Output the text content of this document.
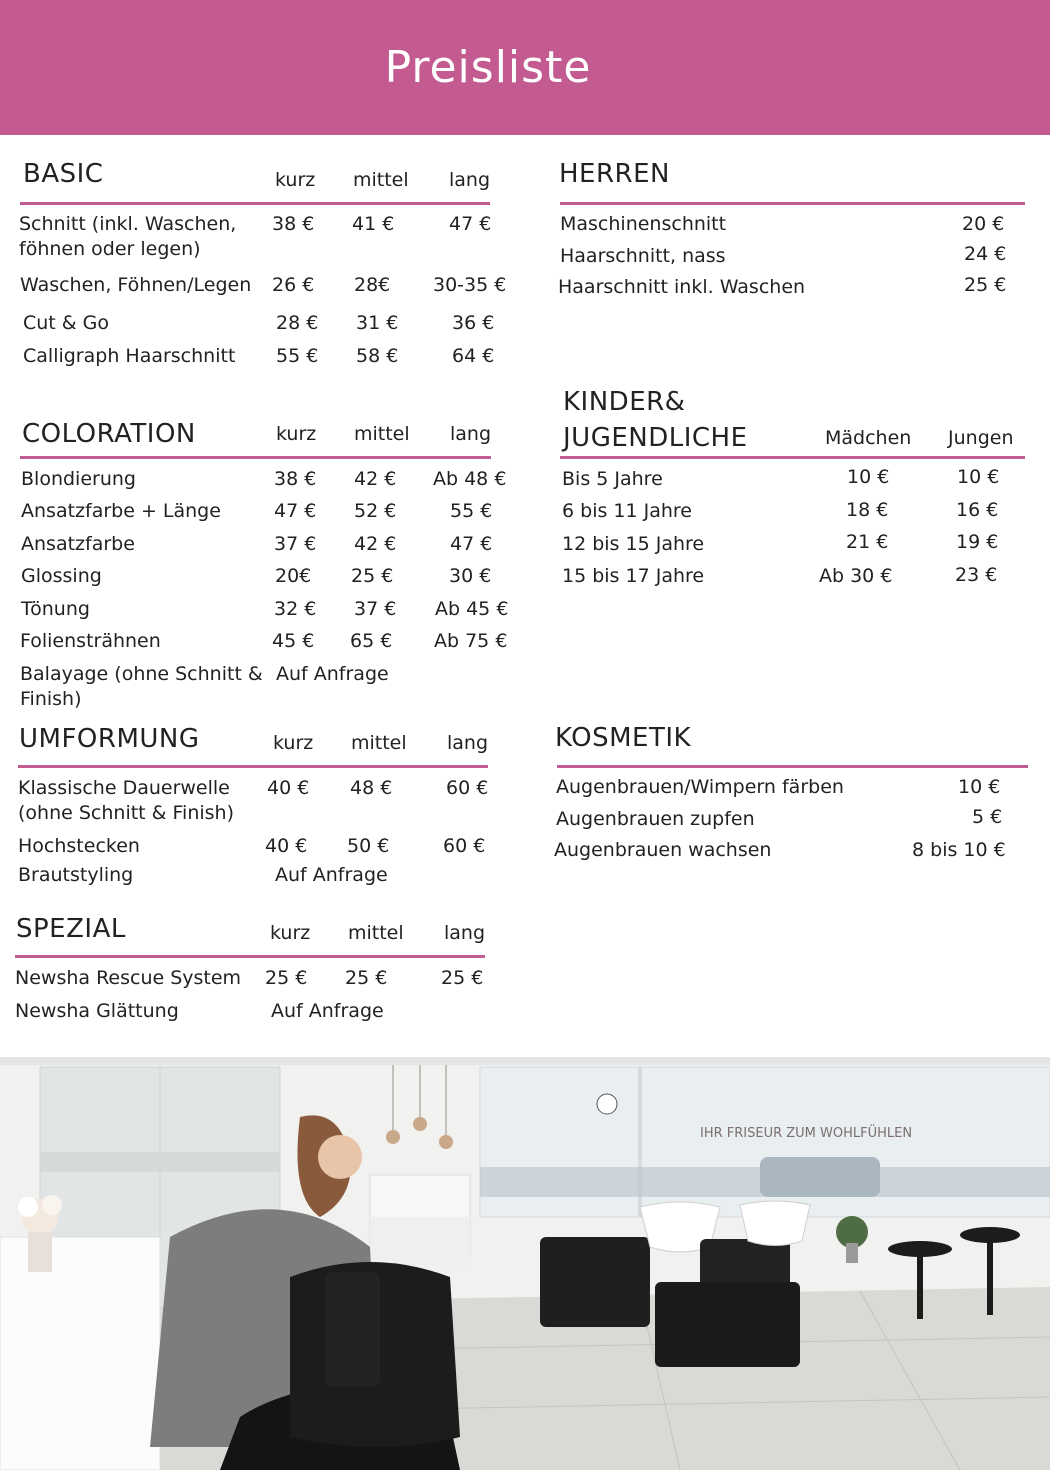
Preisliste
BASIC	kurz mittel lang
Schnitt (inkl. Waschen,
föhnen oder legen)
38 € 41 €	47 €
Waschen, Föhnen/Legen 26 € 28€ 30-35 €
Cut & Go	28 € 31 €	36 €
Calligraph Haarschnitt 55 € 58 €	64 €
COLORATION	kurz mittel lang
Blondierung	38 € 42 € Ab 48 €
Ansatzfarbe + Länge	47 € 52 €	55 €
Ansatzfarbe	37 € 42 €	47 €
Glossing	20€ 25 €	30 €
Tönung	32 € 37 € Ab 45 €
Foliensträhnen	45 € 65 € Ab 75 €
Balayage (ohne Schnitt &
Finish)
Auf Anfrage
UMFORMUNG	kurz mittel lang
Klassische Dauerwelle
(ohne Schnitt & Finish)
40 € 48 €	60 €
Hochstecken	40 € 50 €	60 €
Brautstyling	Auf Anfrage
SPEZIAL	kurz mittel lang
Newsha Rescue System 25 € 25 €	25 €
Newsha Glättung	Auf Anfrage
HERREN
Maschinenschnitt	20 €
Haarschnitt, nass	24 €
Haarschnitt inkl. Waschen	25 €
KINDER&
JUGENDLICHE	Mädchen Jungen
Bis 5 Jahre	10 €	10 €
6 bis 11 Jahre	18 €	16 €
12 bis 15 Jahre	21 €	19 €
15 bis 17 Jahre	Ab 30 €	23 €
KOSMETIK
Augenbrauen/Wimpern färben	10 €
Augenbrauen zupfen	5 €
Augenbrauen wachsen	8 bis 10 €
IHR FRISEUR ZUM WOHLFÜHLEN
